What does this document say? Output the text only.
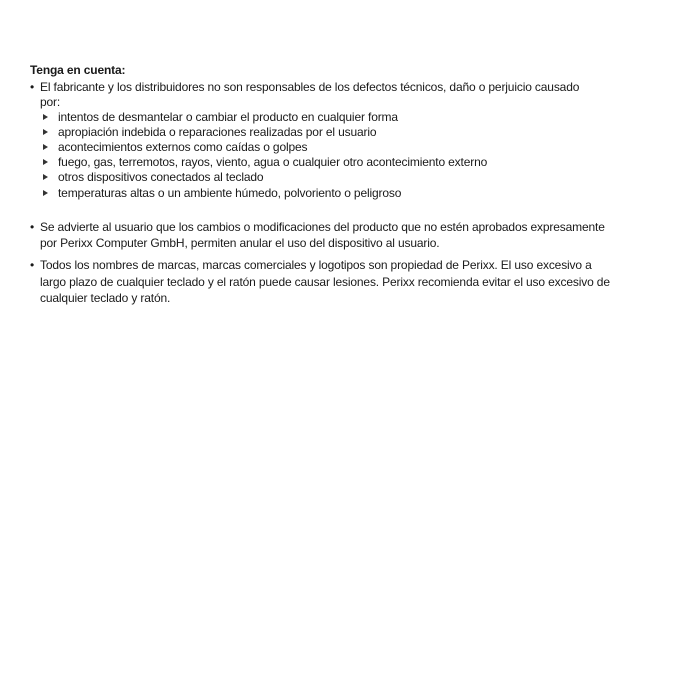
Tenga en cuenta:
• El fabricante y los distribuidores no son responsables de los defectos técnicos, daño o perjuicio causado
por:
intentos de desmantelar o cambiar el producto en cualquier forma
apropiación indebida o reparaciones realizadas por el usuario
acontecimientos externos como caídas o golpes
fuego, gas, terremotos, rayos, viento, agua o cualquier otro acontecimiento externo
otros dispositivos conectados al teclado
temperaturas altas o un ambiente húmedo, polvoriento o peligroso
• Se advierte al usuario que los cambios o modificaciones del producto que no estén aprobados expresamente
por Perixx Computer GmbH, permiten anular el uso del dispositivo al usuario.
• Todos los nombres de marcas, marcas comerciales y logotipos son propiedad de Perixx. El uso excesivo a
largo plazo de cualquier teclado y el ratón puede causar lesiones. Perixx recomienda evitar el uso excesivo de
cualquier teclado y ratón.
